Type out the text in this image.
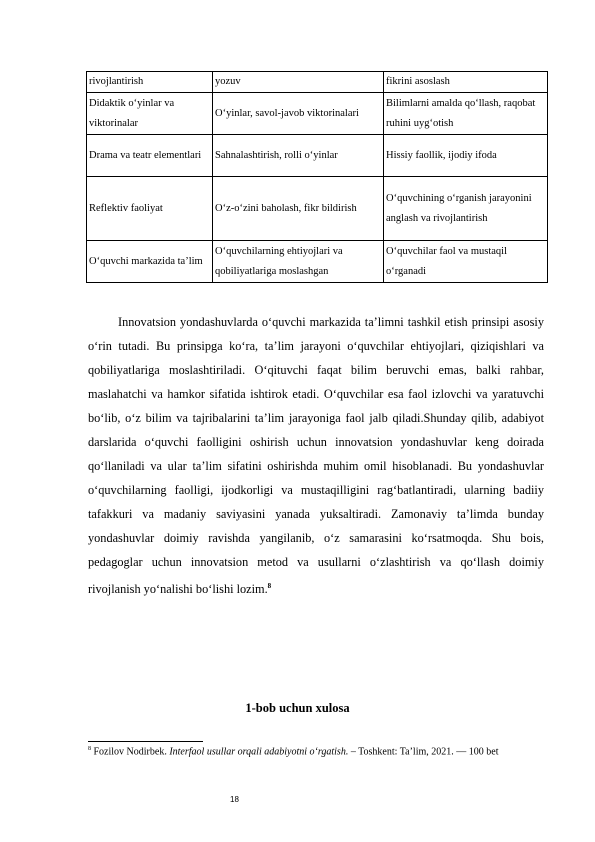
rivojlantirish	yozuv	fikrini asoslash
Didaktik o‘yinlar va viktorinalar	O‘yinlar, savol-javob viktorinalari	Bilimlarni amalda qo‘llash, raqobat ruhini uyg‘otish
Drama va teatr elementlari	Sahnalashtirish, rolli o‘yinlar	Hissiy faollik, ijodiy ifoda
Reflektiv faoliyat	O‘z-o‘zini baholash, fikr bildirish	O‘quvchining o‘rganish jarayonini anglash va rivojlantirish
O‘quvchi markazida ta’lim	O‘quvchilarning ehtiyojlari va qobiliyatlariga moslashgan	O‘quvchilar faol va mustaqil o‘rganadi

Innovatsion yondashuvlarda o‘quvchi markazida ta’limni tashkil etish prinsipi asosiy o‘rin tutadi. Bu prinsipga ko‘ra, ta’lim jarayoni o‘quvchilar ehtiyojlari, qiziqishlari va qobiliyatlariga moslashtiriladi. O‘qituvchi faqat bilim beruvchi emas, balki rahbar, maslahatchi va hamkor sifatida ishtirok etadi. O‘quvchilar esa faol izlovchi va yaratuvchi bo‘lib, o‘z bilim va tajribalarini ta’lim jarayoniga faol jalb qiladi.Shunday qilib, adabiyot darslarida o‘quvchi faolligini oshirish uchun innovatsion yondashuvlar keng doirada qo‘llaniladi va ular ta’lim sifatini oshirishda muhim omil hisoblanadi. Bu yondashuvlar o‘quvchilarning faolligi, ijodkorligi va mustaqilligini rag‘batlantiradi, ularning badiiy tafakkuri va madaniy saviyasini yanada yuksaltiradi. Zamonaviy ta’limda bunday yondashuvlar doimiy ravishda yangilanib, o‘z samarasini ko‘rsatmoqda. Shu bois, pedagoglar uchun innovatsion metod va usullarni o‘zlashtirish va qo‘llash doimiy rivojlanish yo‘nalishi bo‘lishi lozim.$^8$

1-bob uchun xulosa
$^8$ Fozilov Nodirbek. Interfaol usullar orqali adabiyotni o‘rgatish. – Toshkent: Ta’lim, 2021. — 100 bet
18
